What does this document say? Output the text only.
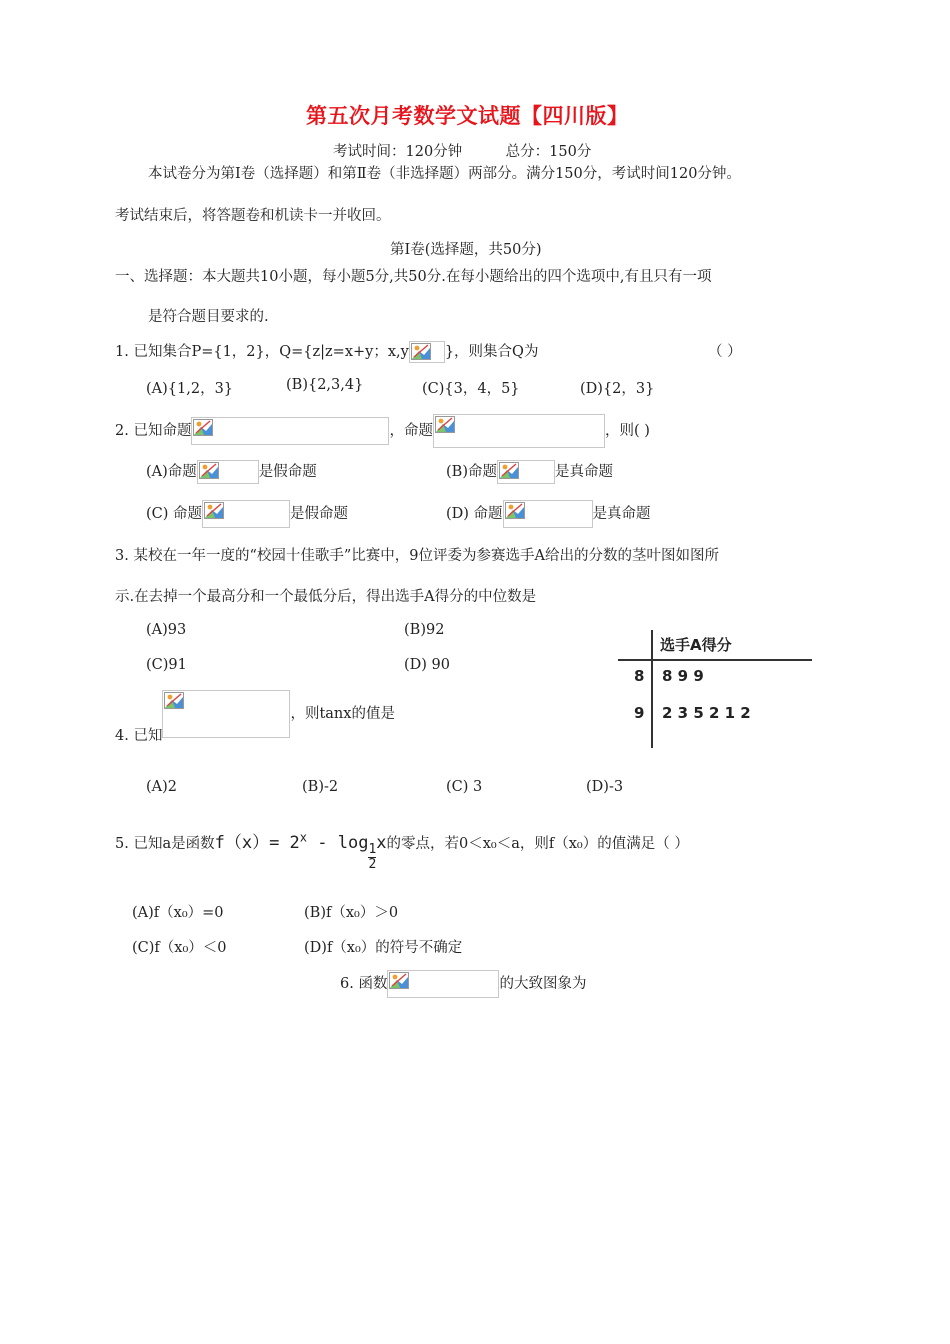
第五次月考数学文试题【四川版】
考试时间：120分钟　　　总分：150分
本试卷分为第Ⅰ卷（选择题）和第Ⅱ卷（非选择题）两部分。满分150分，考试时间120分钟。
考试结束后，将答题卷和机读卡一并收回。
第Ⅰ卷(选择题，共50分)
一、选择题：本大题共10小题，每小题5分,共50分.在每小题给出的四个选项中,有且只有一项
是符合题目要求的.
1. 已知集合P={1，2}，Q={z|z=x+y；x,y }，则集合Q为	（ ）
(A){1,2，3}	(B){2,3,4}	(C){3，4，5}	(D){2，3}
2. 已知命题	，命题	，则( )
(A)命题	是假命题	(B)命题	是真命题
(C) 命题	是假命题	(D) 命题	是真命题
3. 某校在一年一度的“校园十佳歌手”比赛中，9位评委为参赛选手A给出的分数的茎叶图如图所
示.在去掉一个最高分和一个最低分后，得出选手A得分的中位数是
(A)93	(B)92
(C)91	(D) 90
选手A得分
8 8 9 9
9 2 3 5 2 1 2
4. 已知
，则tanx的值是
(A)2	(B)-2	(C) 3	(D)-3
5. 已知a是函数$f(x)= 2^x - \log \frac{1}{2}$ x的零点，若0＜x₀＜a，则f（x₀）的值满足（ ）
(A)f（x₀）=0	(B)f（x₀）＞0
(C)f（x₀）＜0	(D)f（x₀）的符号不确定
6. 函数	的大致图象为
